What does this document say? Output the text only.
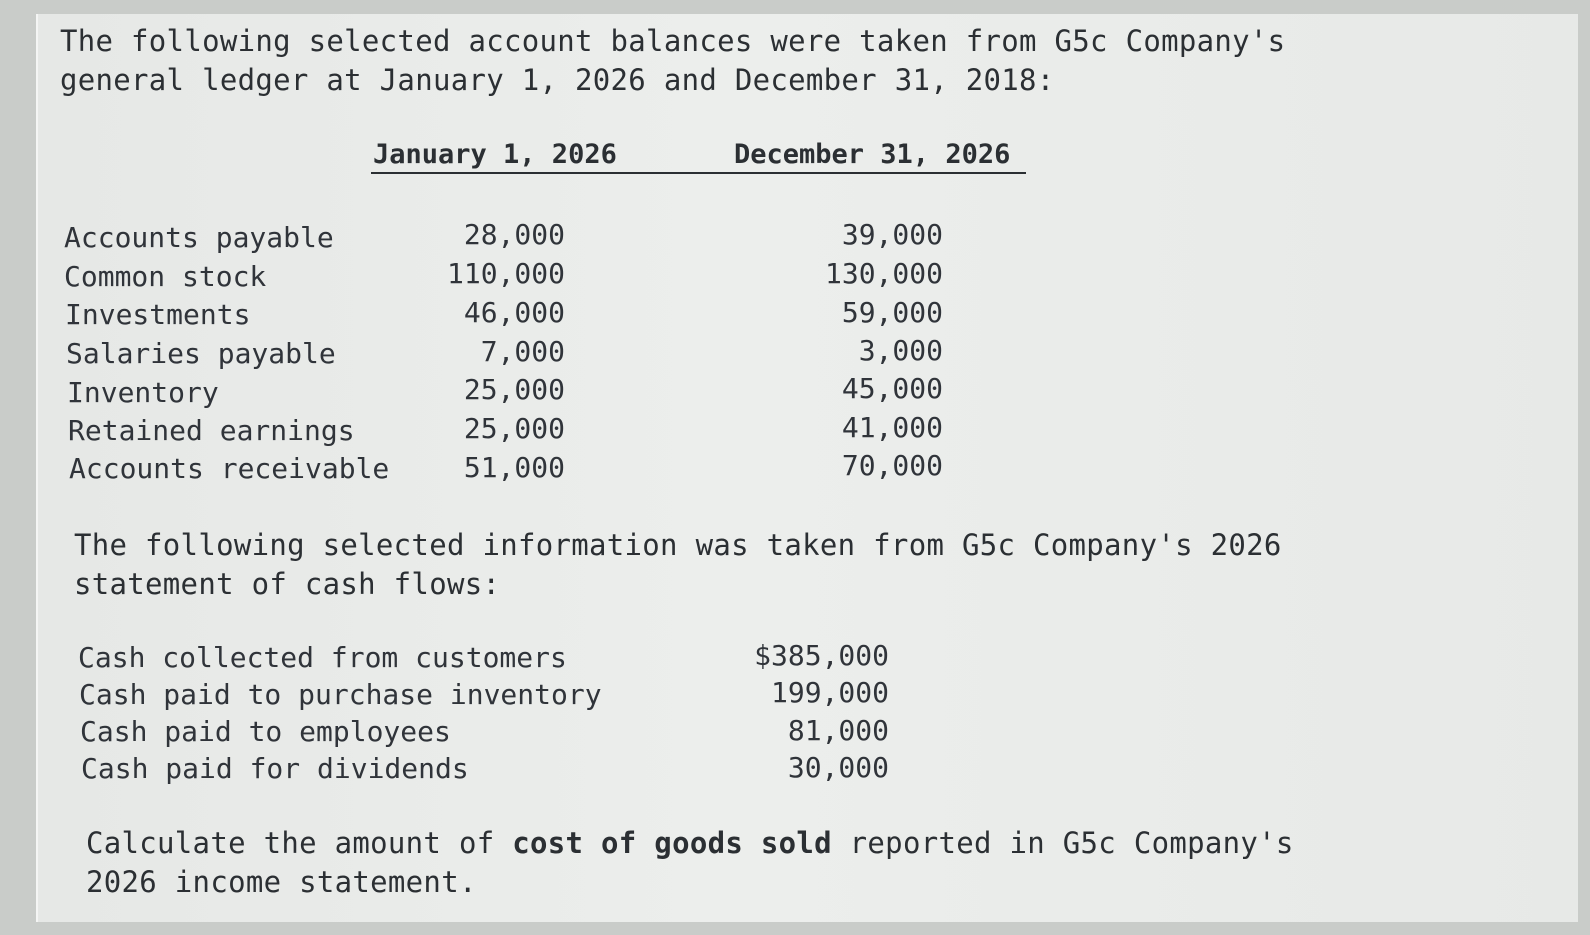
The following selected account balances were taken from G5c Company's
general ledger at January 1, 2026 and December 31, 2018:
January 1, 2026	December 31, 2026
Accounts payable	28,000	39,000
Common stock	110,000	130,000
Investments	46,000	59,000
Salaries payable	7,000	3,000
Inventory	25,000	45,000
Retained earnings	25,000	41,000
Accounts receivable	51,000	70,000
The following selected information was taken from G5c Company's 2026
statement of cash flows:
Cash collected from customers	$385,000
Cash paid to purchase inventory	199,000
Cash paid to employees	81,000
Cash paid for dividends	30,000
Calculate the amount of cost of goods sold reported in G5c Company's
2026 income statement.
